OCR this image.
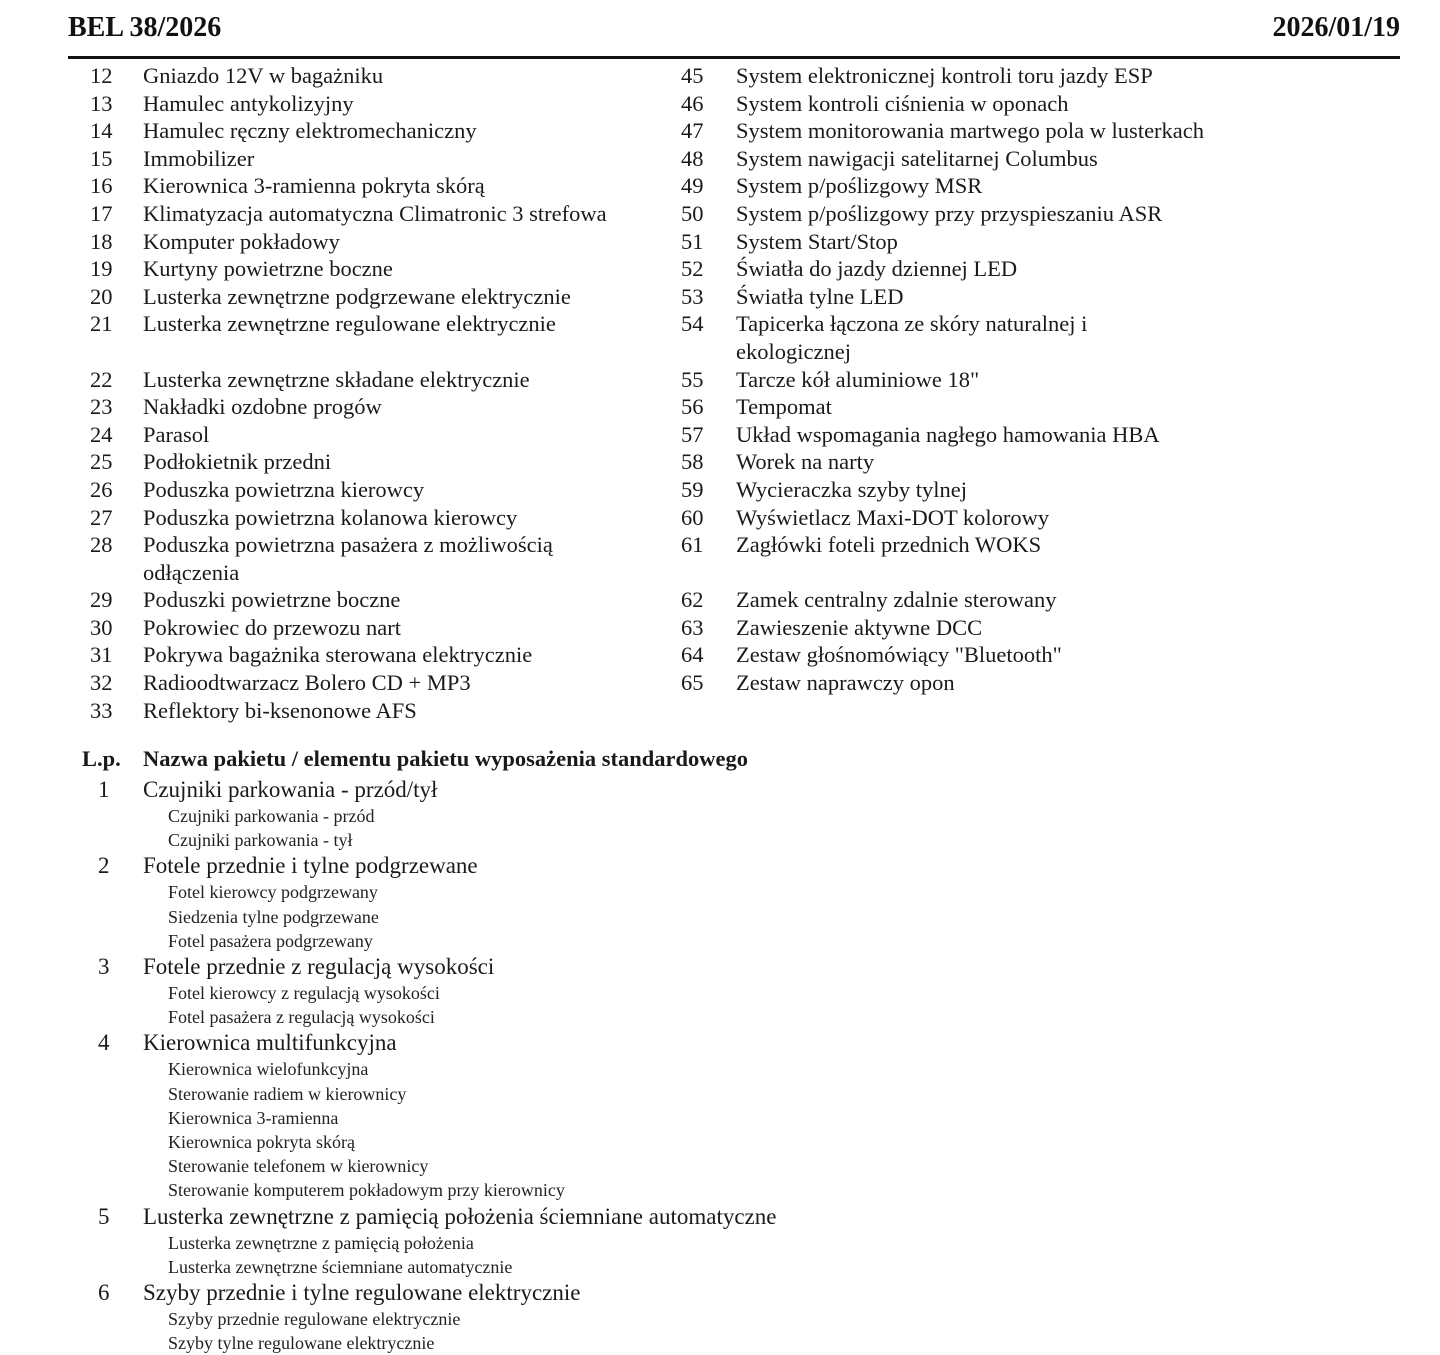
BEL 38/2026	2026/01/19
12	Gniazdo 12V w bagażniku
13	Hamulec antykolizyjny
14	Hamulec ręczny elektromechaniczny
15	Immobilizer
16	Kierownica 3-ramienna pokryta skórą
17	Klimatyzacja automatyczna Climatronic 3 strefowa
18	Komputer pokładowy
19	Kurtyny powietrzne boczne
20	Lusterka zewnętrzne podgrzewane elektrycznie
21	Lusterka zewnętrzne regulowane elektrycznie

22	Lusterka zewnętrzne składane elektrycznie
23	Nakładki ozdobne progów
24	Parasol
25	Podłokietnik przedni
26	Poduszka powietrzna kierowcy
27	Poduszka powietrzna kolanowa kierowcy
28	Poduszka powietrzna pasażera z możliwością
odłączenia
29	Poduszki powietrzne boczne
30	Pokrowiec do przewozu nart
31	Pokrywa bagażnika sterowana elektrycznie
32	Radioodtwarzacz Bolero CD + MP3
33	Reflektory bi-ksenonowe AFS
45	System elektronicznej kontroli toru jazdy ESP
46	System kontroli ciśnienia w oponach
47	System monitorowania martwego pola w lusterkach
48	System nawigacji satelitarnej Columbus
49	System p/poślizgowy MSR
50	System p/poślizgowy przy przyspieszaniu ASR
51	System Start/Stop
52	Światła do jazdy dziennej LED
53	Światła tylne LED
54	Tapicerka łączona ze skóry naturalnej i
ekologicznej
55	Tarcze kół aluminiowe 18"
56	Tempomat
57	Układ wspomagania nagłego hamowania HBA
58	Worek na narty
59	Wycieraczka szyby tylnej
60	Wyświetlacz Maxi-DOT kolorowy
61	Zagłówki foteli przednich WOKS

62	Zamek centralny zdalnie sterowany
63	Zawieszenie aktywne DCC
64	Zestaw głośnomówiący "Bluetooth"
65	Zestaw naprawczy opon
L.p. Nazwa pakietu / elementu pakietu wyposażenia standardowego
1	Czujniki parkowania - przód/tył
Czujniki parkowania - przód
Czujniki parkowania - tył
2	Fotele przednie i tylne podgrzewane
Fotel kierowcy podgrzewany
Siedzenia tylne podgrzewane
Fotel pasażera podgrzewany
3	Fotele przednie z regulacją wysokości
Fotel kierowcy z regulacją wysokości
Fotel pasażera z regulacją wysokości
4	Kierownica multifunkcyjna
Kierownica wielofunkcyjna
Sterowanie radiem w kierownicy
Kierownica 3-ramienna
Kierownica pokryta skórą
Sterowanie telefonem w kierownicy
Sterowanie komputerem pokładowym przy kierownicy
5	Lusterka zewnętrzne z pamięcią położenia ściemniane automatyczne
Lusterka zewnętrzne z pamięcią położenia
Lusterka zewnętrzne ściemniane automatycznie
6	Szyby przednie i tylne regulowane elektrycznie
Szyby przednie regulowane elektrycznie
Szyby tylne regulowane elektrycznie
